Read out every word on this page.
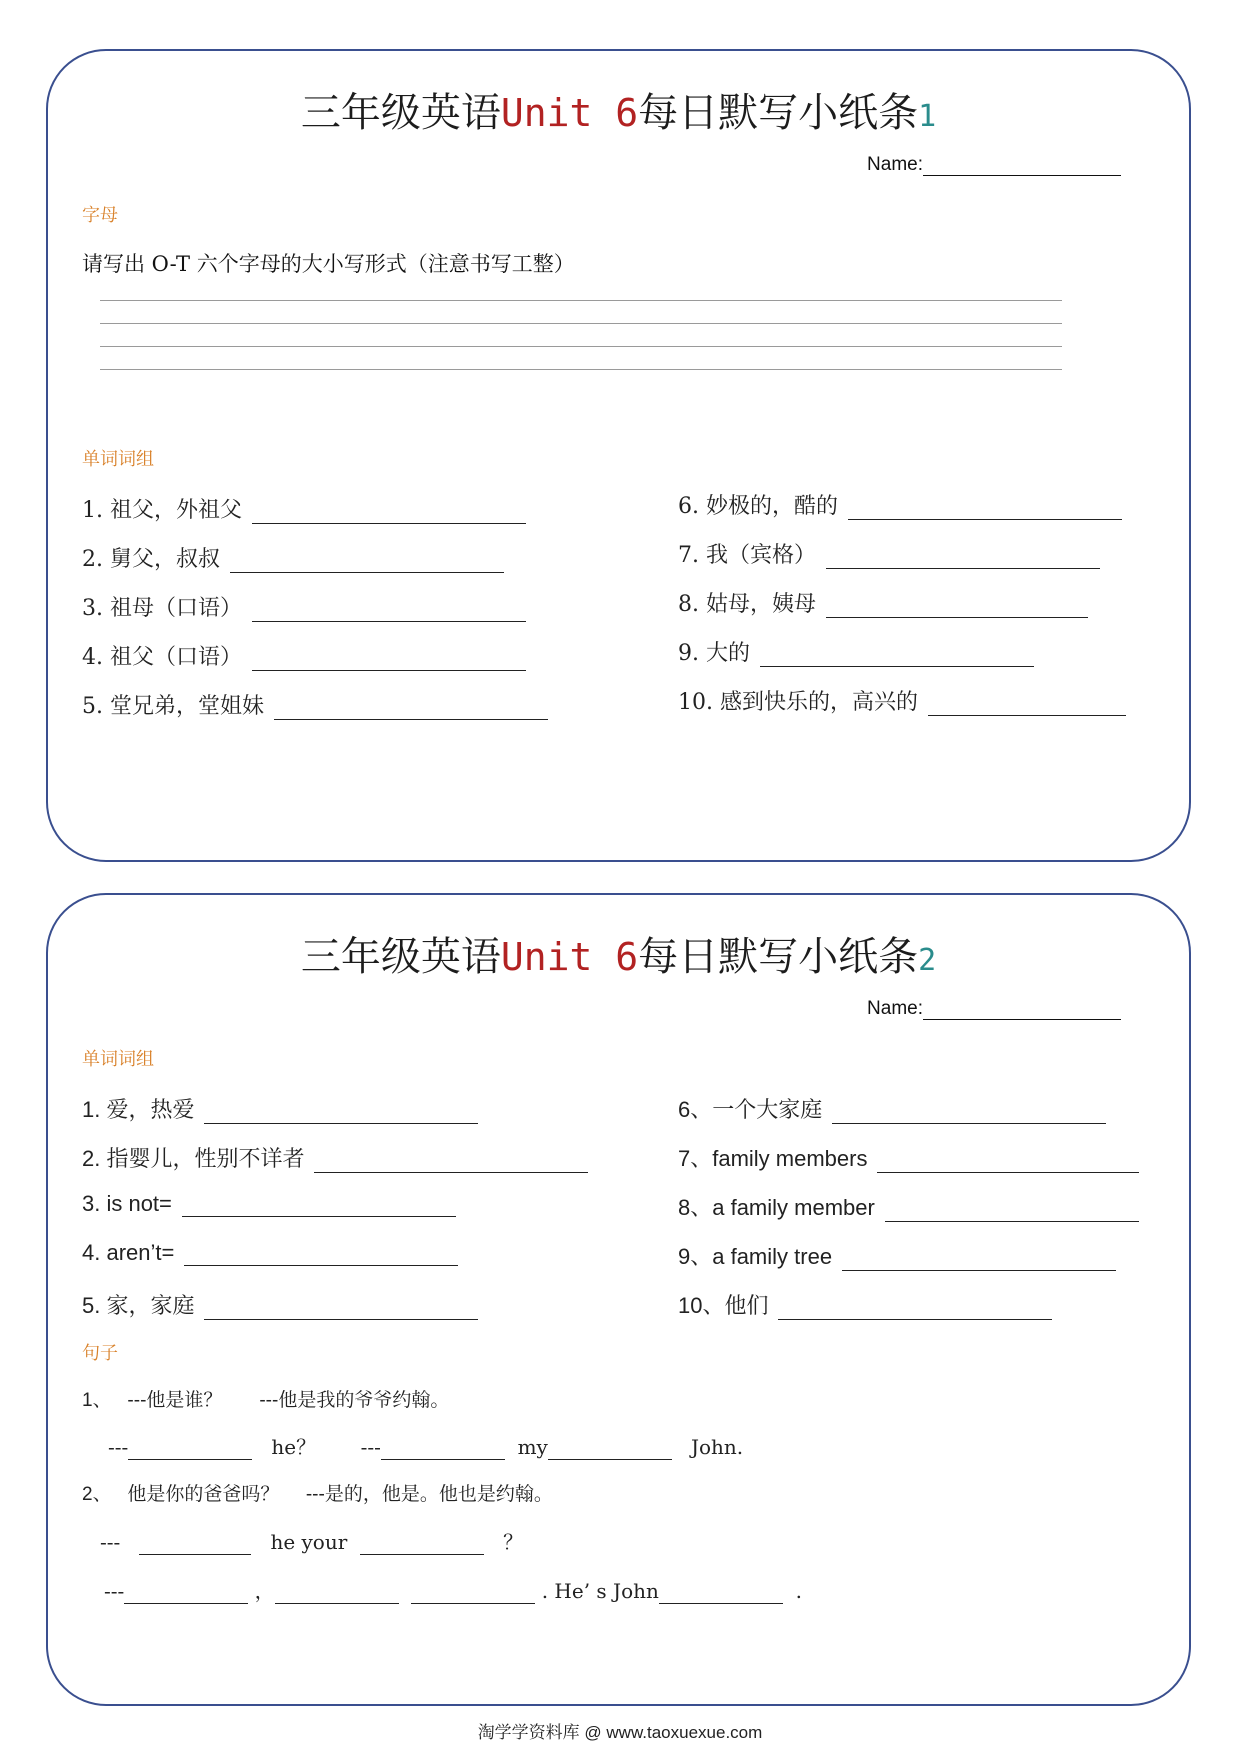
三年级英语Unit 6每日默写小纸条1
Name:
字母
请写出 O-T 六个字母的大小写形式（注意书写工整）
单词词组
1. 祖父，外祖父
2. 舅父，叔叔
3. 祖母（口语）
4. 祖父（口语）
5. 堂兄弟，堂姐妹
6. 妙极的，酷的
7. 我（宾格）
8. 姑母，姨母
9. 大的
10. 感到快乐的，高兴的
三年级英语Unit 6每日默写小纸条2
Name:
单词词组
1. 爱，热爱
2. 指婴儿，性别不详者
3. is not=
4. aren’t=
5. 家，家庭
6、一个大家庭
7、family members
8、a family member
9、a family tree
10、他们
句子
1、 ---他是谁？ ---他是我的爷爷约翰。
---	he？ ---	my	John.
2、 他是你的爸爸吗？ ---是的，他是。他也是约翰。
---	he your	？
---	，	. He’ s John	.
淘学学资料库 @ www.taoxuexue.com
